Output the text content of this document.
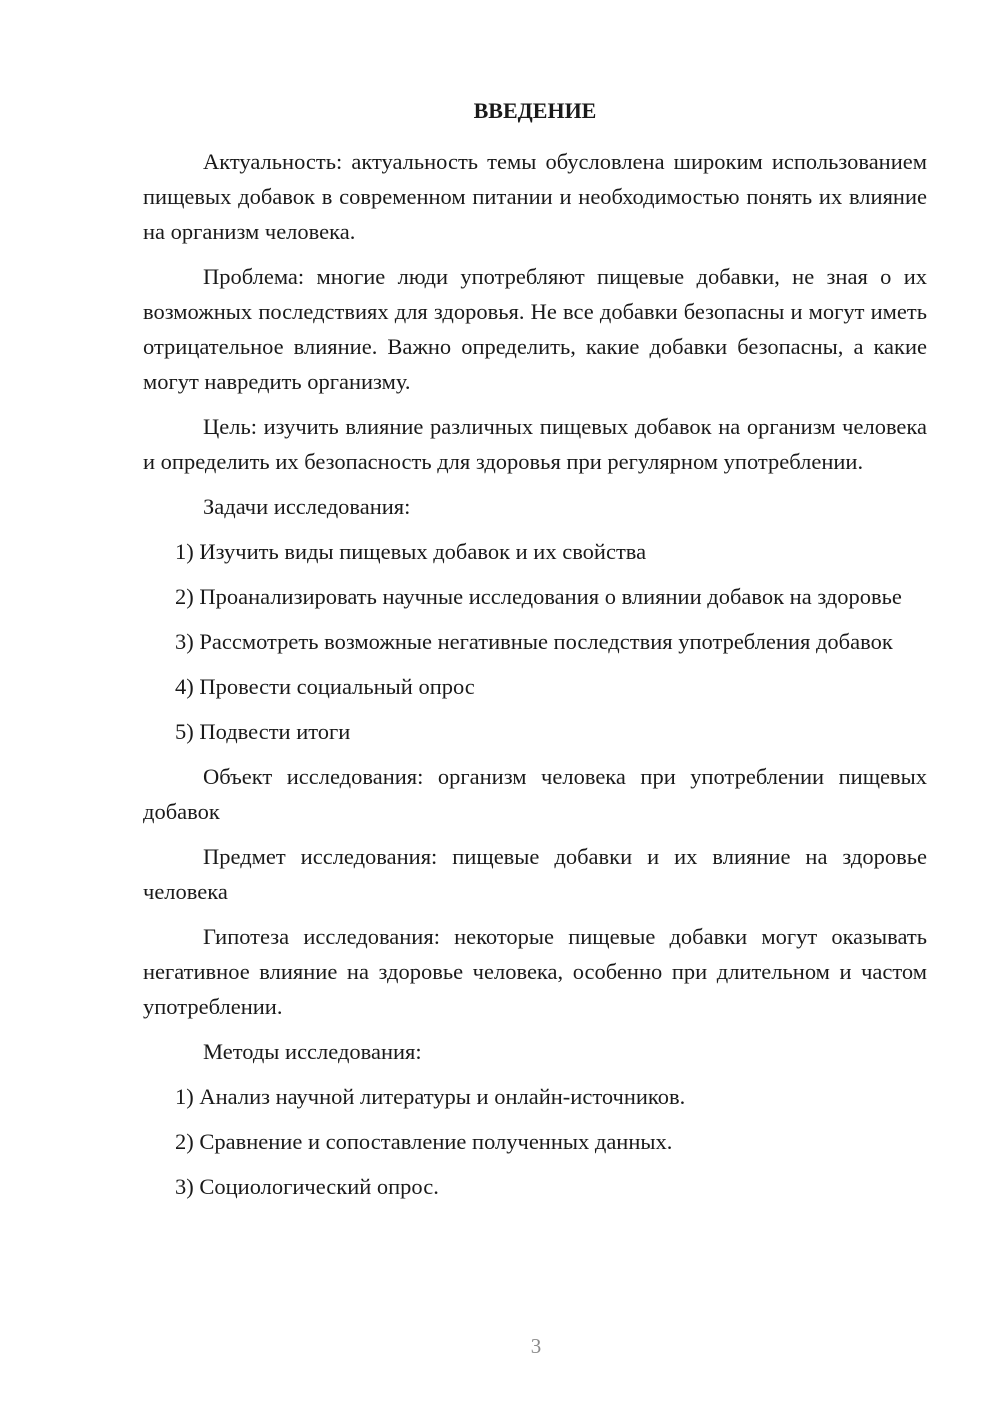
ВВЕДЕНИЕ

Актуальность: актуальность темы обусловлена широким использованием пищевых добавок в современном питании и необходимостью понять их влияние на организм человека.

Проблема: многие люди употребляют пищевые добавки, не зная о их возможных последствиях для здоровья. Не все добавки безопасны и могут иметь отрицательное влияние. Важно определить, какие добавки безопасны, а какие могут навредить организму.

Цель: изучить влияние различных пищевых добавок на организм человека и определить их безопасность для здоровья при регулярном употреблении.

Задачи исследования:

1) Изучить виды пищевых добавок и их свойства

2) Проанализировать научные исследования о влиянии добавок на здоровье

3) Рассмотреть возможные негативные последствия употребления добавок

4) Провести социальный опрос

5) Подвести итоги

Объект исследования: организм человека при употреблении пищевых добавок

Предмет исследования: пищевые добавки и их влияние на здоровье человека

Гипотеза исследования: некоторые пищевые добавки могут оказывать негативное влияние на здоровье человека, особенно при длительном и частом употреблении.

Методы исследования:

1) Анализ научной литературы и онлайн-источников.

2) Сравнение и сопоставление полученных данных.

3) Социологический опрос.

3
